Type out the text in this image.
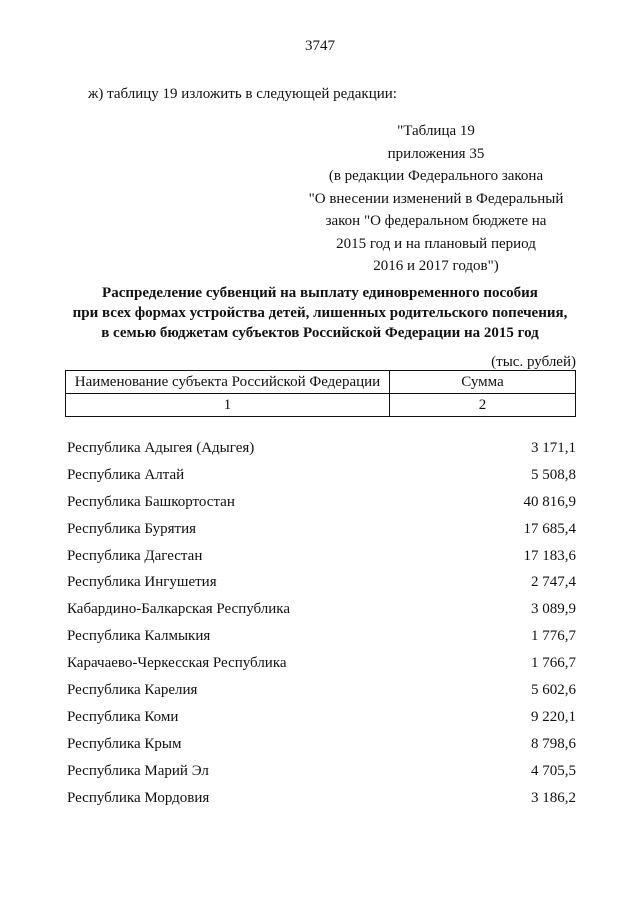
3747
ж) таблицу 19 изложить в следующей редакции:
"Таблица 19
приложения 35
(в редакции Федерального закона
"О внесении изменений в Федеральный
закон "О федеральном бюджете на
2015 год и на плановый период
2016 и 2017 годов")
Распределение субвенций на выплату единовременного пособия
при всех формах устройства детей, лишенных родительского попечения,
в семью бюджетам субъектов Российской Федерации на 2015 год
(тыс. рублей)
Наименование субъекта Российской Федерации	Сумма
1	2
Республика Адыгея (Адыгея)	3 171,1
Республика Алтай	5 508,8
Республика Башкортостан	40 816,9
Республика Бурятия	17 685,4
Республика Дагестан	17 183,6
Республика Ингушетия	2 747,4
Кабардино-Балкарская Республика	3 089,9
Республика Калмыкия	1 776,7
Карачаево-Черкесская Республика	1 766,7
Республика Карелия	5 602,6
Республика Коми	9 220,1
Республика Крым	8 798,6
Республика Марий Эл	4 705,5
Республика Мордовия	3 186,2
